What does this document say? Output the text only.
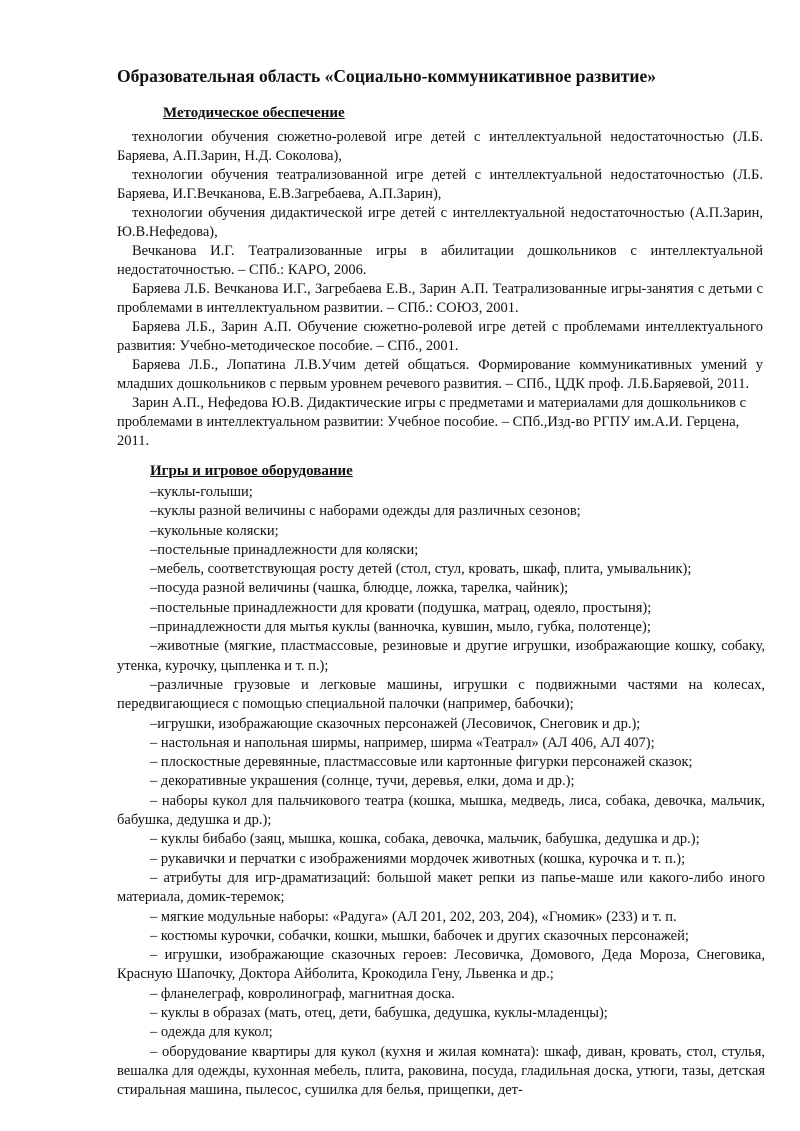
Образовательная область «Социально-коммуникативное развитие»
Методическое обеспечение

технологии обучения сюжетно-ролевой игре детей с интеллектуальной недостаточностью (Л.Б. Баряева, А.П.Зарин, Н.Д. Соколова),

технологии обучения театрализованной игре детей с интеллектуальной недостаточностью (Л.Б. Баряева, И.Г.Вечканова, Е.В.Загребаева, А.П.Зарин),

технологии обучения дидактической игре детей с интеллектуальной недостаточностью (А.П.Зарин, Ю.В.Нефедова),

Вечканова И.Г. Театрализованные игры в абилитации дошкольников с интеллектуальной недостаточностью. – СПб.: КАРО, 2006.

Баряева Л.Б. Вечканова И.Г., Загребаева Е.В., Зарин А.П. Театрализованные игры-занятия с детьми с проблемами в интеллектуальном развитии. – СПб.: СОЮЗ, 2001.

Баряева Л.Б., Зарин А.П. Обучение сюжетно-ролевой игре детей с проблемами интеллектуального развития: Учебно-методическое пособие. – СПб., 2001.

Баряева Л.Б., Лопатина Л.В.Учим детей общаться. Формирование коммуникативных умений у младших дошкольников с первым уровнем речевого развития. – СПб., ЦДК проф. Л.Б.Баряевой, 2011.

Зарин А.П., Нефедова Ю.В. Дидактические игры с предметами и материалами для дошкольников с проблемами в интеллектуальном развитии: Учебное пособие. – СПб.,Изд-во РГПУ им.А.И. Герцена, 2011.

Игры и игровое оборудование

–куклы-голыши;

–куклы разной величины с наборами одежды для различных сезонов;

–кукольные коляски;

–постельные принадлежности для коляски;

–мебель, соответствующая росту детей (стол, стул, кровать, шкаф, плита, умывальник);

–посуда разной величины (чашка, блюдце, ложка, тарелка, чайник);

–постельные принадлежности для кровати (подушка, матрац, одеяло, простыня);

–принадлежности для мытья куклы (ванночка, кувшин, мыло, губка, полотенце);

–животные (мягкие, пластмассовые, резиновые и другие игрушки, изображающие кошку, собаку, утенка, курочку, цыпленка и т. п.);

–различные грузовые и легковые машины, игрушки с подвижными частями на колесах, передвигающиеся с помощью специальной палочки (например, бабочки);

–игрушки, изображающие сказочных персонажей (Лесовичок, Снеговик и др.);

– настольная и напольная ширмы, например, ширма «Театрал» (АЛ 406, АЛ 407);

– плоскостные деревянные, пластмассовые или картонные фигурки персонажей сказок;

– декоративные украшения (солнце, тучи, деревья, елки, дома и др.);

– наборы кукол для пальчикового театра (кошка, мышка, медведь, лиса, собака, девочка, мальчик, бабушка, дедушка и др.);

– куклы бибабо (заяц, мышка, кошка, собака, девочка, мальчик, бабушка, дедушка и др.);

– рукавички и перчатки с изображениями мордочек животных (кошка, курочка и т. п.);

– атрибуты для игр-драматизаций: большой макет репки из папье-маше или какого-либо иного материала, домик-теремок;

– мягкие модульные наборы: «Радуга» (АЛ 201, 202, 203, 204), «Гномик» (233) и т. п.

– костюмы курочки, собачки, кошки, мышки, бабочек и других сказочных персонажей;

– игрушки, изображающие сказочных героев: Лесовичка, Домового, Деда Мороза, Снеговика, Красную Шапочку, Доктора Айболита, Крокодила Гену, Львенка и др.;

– фланелеграф, ковролинограф, магнитная доска.

– куклы в образах (мать, отец, дети, бабушка, дедушка, куклы-младенцы);

– одежда для кукол;

– оборудование квартиры для кукол (кухня и жилая комната): шкаф, диван, кровать, стол, стулья, вешалка для одежды, кухонная мебель, плита, раковина, посуда, гладильная доска, утюги, тазы, детская стиральная машина, пылесос, сушилка для белья, прищепки, дет-
